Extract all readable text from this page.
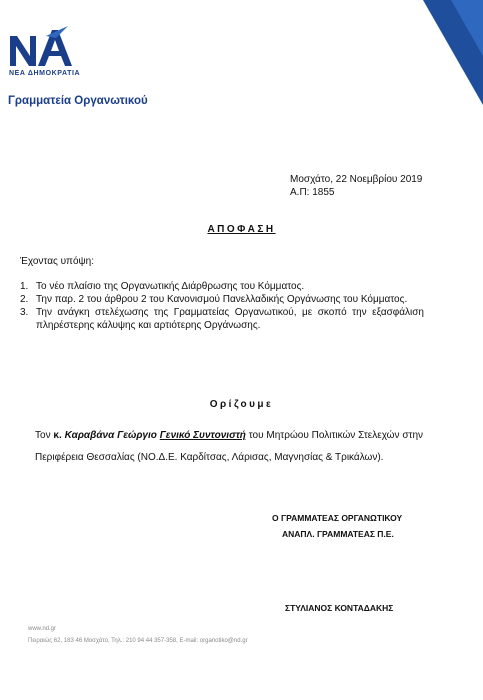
ΝΕΑ ΔΗΜΟΚΡΑΤΙΑ
Γραμματεία Οργανωτικού
Μοσχάτο, 22 Νοεμβρίου 2019
Α.Π: 1855
ΑΠΟΦΑΣΗ
Έχοντας υπόψη:
1. Το νέο πλαίσιο της Οργανωτικής Διάρθρωσης του Κόμματος.
2. Την παρ. 2 του άρθρου 2 του Κανονισμού Πανελλαδικής Οργάνωσης του Κόμματος.
3. Την ανάγκη στελέχωσης της Γραμματείας Οργανωτικού, με σκοπό την εξασφάλιση πληρέστερης κάλυψης και αρτιότερης Οργάνωσης.
Ορίζουμε
Τον κ. Καραβάνα Γεώργιο Γενικό Συντονιστή του Μητρώου Πολιτικών Στελεχών στην Περιφέρεια Θεσσαλίας (ΝΟ.Δ.Ε. Καρδίτσας, Λάρισας, Μαγνησίας & Τρικάλων).
Ο ΓΡΑΜΜΑΤΕΑΣ ΟΡΓΑΝΩΤΙΚΟΥ
ΑΝΑΠΛ. ΓΡΑΜΜΑΤΕΑΣ Π.Ε.
ΣΤΥΛΙΑΝΟΣ ΚΟΝΤΑΔΑΚΗΣ
www.nd.gr
Πειραιώς 62, 183 46 Μοσχάτο, Τηλ.: 210 94 44 357-358, E-mail: organotiko@nd.gr
